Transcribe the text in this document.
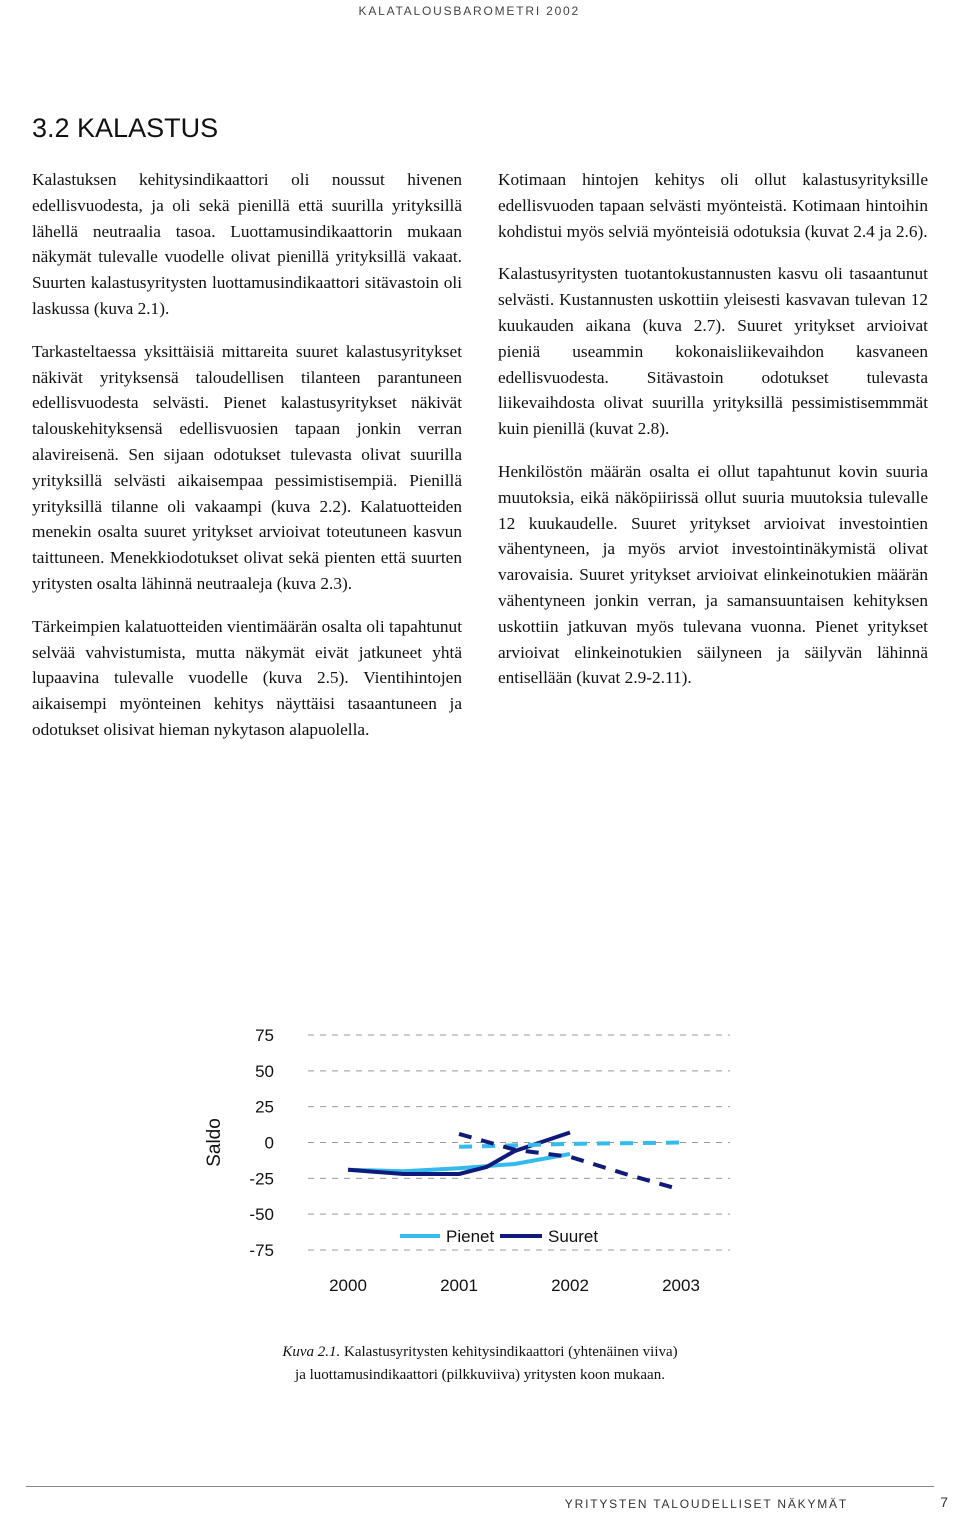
KALATALOUSBAROMETRI 2002
3.2 KALASTUS

Kalastuksen kehitysindikaattori oli noussut hivenen edellisvuodesta, ja oli sekä pienillä että suurilla yrityksillä lähellä neutraalia tasoa. Luottamusindikaattorin mukaan näkymät tulevalle vuodelle olivat pienillä yrityksillä vakaat. Suurten kalastusyritysten luottamusindikaattori sitävastoin oli laskussa (kuva 2.1).

Tarkasteltaessa yksittäisiä mittareita suuret kalastusyritykset näkivät yrityksensä taloudellisen tilanteen parantuneen edellisvuodesta selvästi. Pienet kalastusyritykset näkivät talouskehityksensä edellisvuosien tapaan jonkin verran alavireisenä. Sen sijaan odotukset tulevasta olivat suurilla yrityksillä selvästi aikaisempaa pessimistisempiä. Pienillä yrityksillä tilanne oli vakaampi (kuva 2.2). Kalatuotteiden menekin osalta suuret yritykset arvioivat toteutuneen kasvun taittuneen. Menekkiodotukset olivat sekä pienten että suurten yritysten osalta lähinnä neutraaleja (kuva 2.3).

Tärkeimpien kalatuotteiden vientimäärän osalta oli tapahtunut selvää vahvistumista, mutta näkymät eivät jatkuneet yhtä lupaavina tulevalle vuodelle (kuva 2.5). Vientihintojen aikaisempi myönteinen kehitys näyttäisi tasaantuneen ja odotukset olisivat hieman nykytason alapuolella.

Kotimaan hintojen kehitys oli ollut kalastusyrityksille edellisvuoden tapaan selvästi myönteistä. Kotimaan hintoihin kohdistui myös selviä myönteisiä odotuksia (kuvat 2.4 ja 2.6).

Kalastusyritysten tuotantokustannusten kasvu oli tasaantunut selvästi. Kustannusten uskottiin yleisesti kasvavan tulevan 12 kuukauden aikana (kuva 2.7). Suuret yritykset arvioivat pieniä useammin kokonaisliikevaihdon kasvaneen edellisvuodesta. Sitävastoin odotukset tulevasta liikevaihdosta olivat suurilla yrityksillä pessimistisemmmät kuin pienillä (kuvat 2.8).

Henkilöstön määrän osalta ei ollut tapahtunut kovin suuria muutoksia, eikä näköpiirissä ollut suuria muutoksia tulevalle 12 kuukaudelle. Suuret yritykset arvioivat investointien vähentyneen, ja myös arviot investointinäkymistä olivat varovaisia. Suuret yritykset arvioivat elinkeinotukien määrän vähentyneen jonkin verran, ja samansuuntaisen kehityksen uskottiin jatkuvan myös tulevana vuonna. Pienet yritykset arvioivat elinkeinotukien säilyneen ja säilyvän lähinnä entisellään (kuvat 2.9-2.11).

75
50
25
0
-25
-50
-75
Saldo
2000	2001	2002	2003
Pienet	Suuret
Kuva 2.1. Kalastusyritysten kehitysindikaattori (yhtenäinen viiva)
ja luottamusindikaattori (pilkkuviiva) yritysten koon mukaan.
YRITYSTEN TALOUDELLISET NÄKYMÄT	7
